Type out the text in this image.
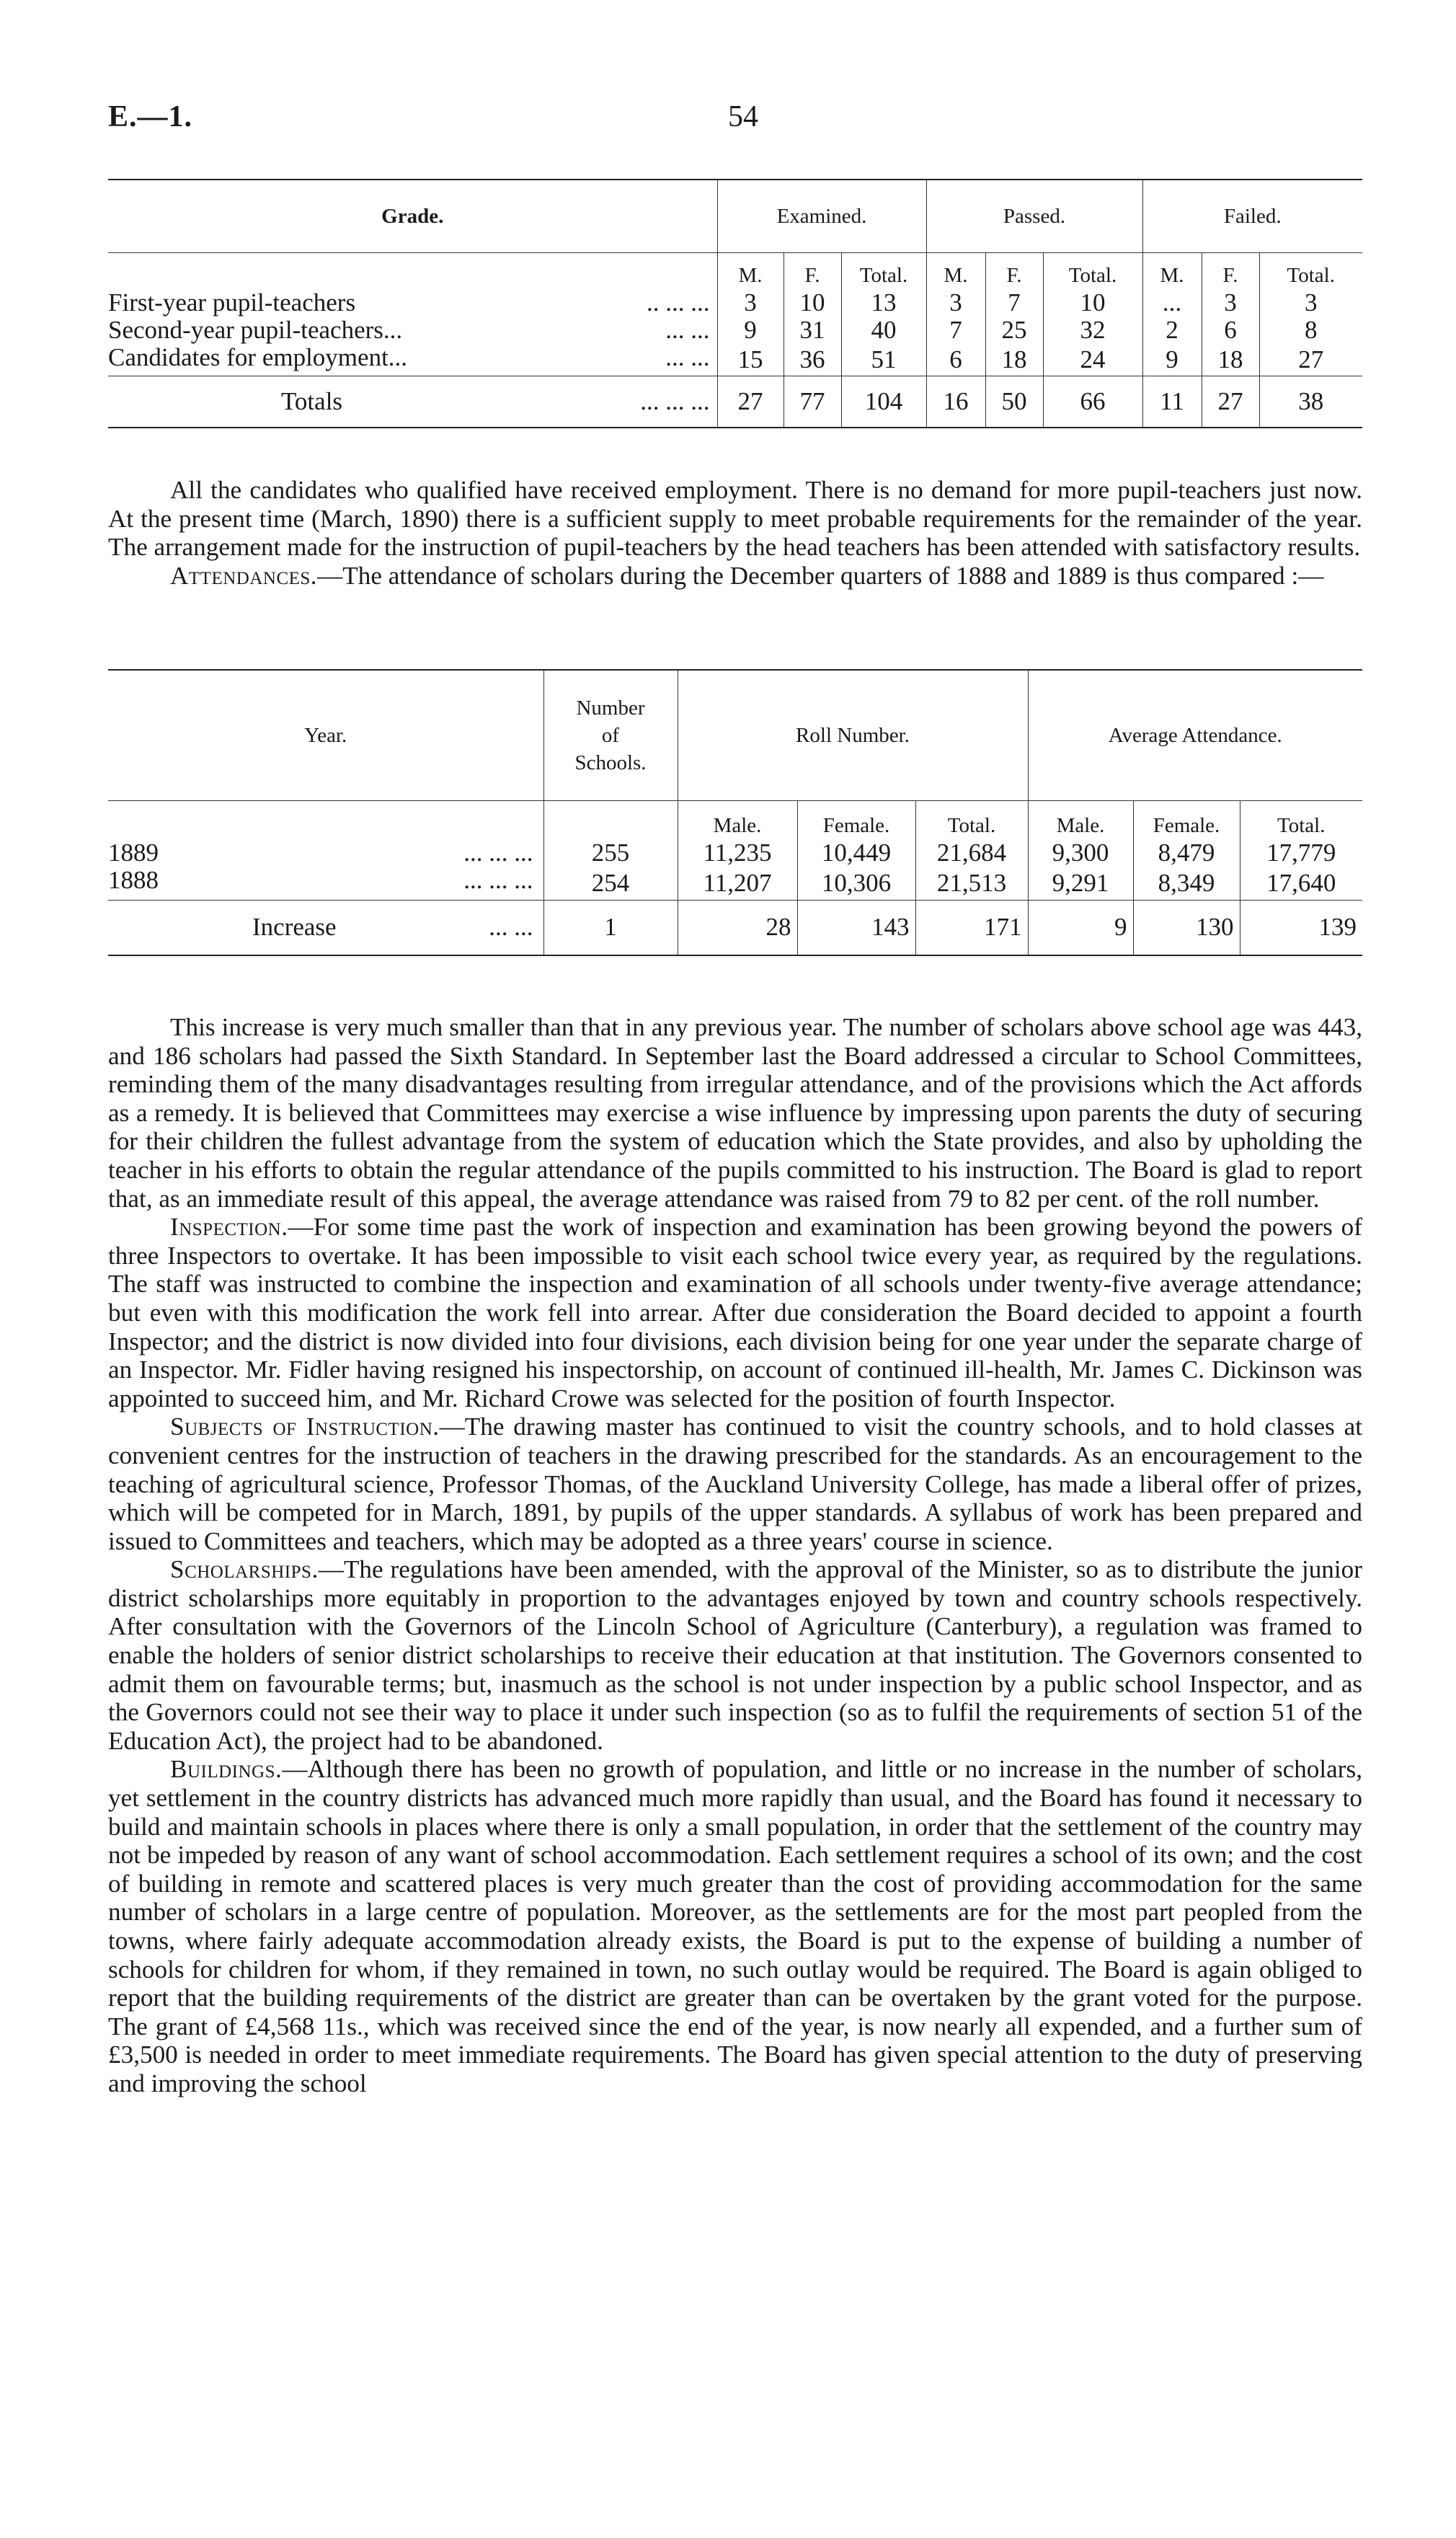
E.—1.	54

Grade.	Examined.			Passed.			Failed.		
	M.	F.	Total.	M.	F.	Total.	M.	F.	Total.
First-year pupil-teachers .. ... ...	3	10	13	3	7	10	...	3	3
Second-year pupil-teachers... ... ...	9	31	40	7	25	32	2	6	8
Candidates for employment... ... ...	15	36	51	6	18	24	9	18	27
Totals ... ... ...	27	77	104	16	50	66	11	27	38

All the candidates who qualified have received employment. There is no demand for more pupil-teachers just now. At the present time (March, 1890) there is a sufficient supply to meet probable requirements for the remainder of the year. The arrangement made for the instruction of pupil-teachers by the head teachers has been attended with satisfactory results.

Attendances.—The attendance of scholars during the December quarters of 1888 and 1889 is thus compared :—

Year.	Number
of
Schools.	Roll Number.			Average Attendance.		
		Male.	Female.	Total.	Male.	Female.	Total.
1889 ... ... ...	255	11,235	10,449	21,684	9,300	8,479	17,779
1888 ... ... ...	254	11,207	10,306	21,513	9,291	8,349	17,640
Increase ... ...	1	28	143	171	9	130	139

This increase is very much smaller than that in any previous year. The number of scholars above school age was 443, and 186 scholars had passed the Sixth Standard. In September last the Board addressed a circular to School Committees, reminding them of the many disadvantages resulting from irregular attendance, and of the provisions which the Act affords as a remedy. It is believed that Committees may exercise a wise influence by impressing upon parents the duty of securing for their children the fullest advantage from the system of education which the State provides, and also by upholding the teacher in his efforts to obtain the regular attendance of the pupils committed to his instruction. The Board is glad to report that, as an immediate result of this appeal, the average attendance was raised from 79 to 82 per cent. of the roll number.

Inspection.—For some time past the work of inspection and examination has been growing beyond the powers of three Inspectors to overtake. It has been impossible to visit each school twice every year, as required by the regulations. The staff was instructed to combine the inspection and examination of all schools under twenty-five average attendance; but even with this modification the work fell into arrear. After due consideration the Board decided to appoint a fourth Inspector; and the district is now divided into four divisions, each division being for one year under the separate charge of an Inspector. Mr. Fidler having resigned his inspectorship, on account of continued ill-health, Mr. James C. Dickinson was appointed to succeed him, and Mr. Richard Crowe was selected for the position of fourth Inspector.

Subjects of Instruction.—The drawing master has continued to visit the country schools, and to hold classes at convenient centres for the instruction of teachers in the drawing prescribed for the standards. As an encouragement to the teaching of agricultural science, Professor Thomas, of the Auckland University College, has made a liberal offer of prizes, which will be competed for in March, 1891, by pupils of the upper standards. A syllabus of work has been prepared and issued to Committees and teachers, which may be adopted as a three years' course in science.

Scholarships.—The regulations have been amended, with the approval of the Minister, so as to distribute the junior district scholarships more equitably in proportion to the advantages enjoyed by town and country schools respectively. After consultation with the Governors of the Lincoln School of Agriculture (Canterbury), a regulation was framed to enable the holders of senior district scholarships to receive their education at that institution. The Governors consented to admit them on favourable terms; but, inasmuch as the school is not under inspection by a public school Inspector, and as the Governors could not see their way to place it under such inspection (so as to fulfil the requirements of section 51 of the Education Act), the project had to be abandoned.

Buildings.—Although there has been no growth of population, and little or no increase in the number of scholars, yet settlement in the country districts has advanced much more rapidly than usual, and the Board has found it necessary to build and maintain schools in places where there is only a small population, in order that the settlement of the country may not be impeded by reason of any want of school accommodation. Each settlement requires a school of its own; and the cost of building in remote and scattered places is very much greater than the cost of providing accommodation for the same number of scholars in a large centre of population. Moreover, as the settlements are for the most part peopled from the towns, where fairly adequate accommodation already exists, the Board is put to the expense of building a number of schools for children for whom, if they remained in town, no such outlay would be required. The Board is again obliged to report that the building requirements of the district are greater than can be overtaken by the grant voted for the purpose. The grant of £4,568 11s., which was received since the end of the year, is now nearly all expended, and a further sum of £3,500 is needed in order to meet immediate requirements. The Board has given special attention to the duty of preserving and improving the school
